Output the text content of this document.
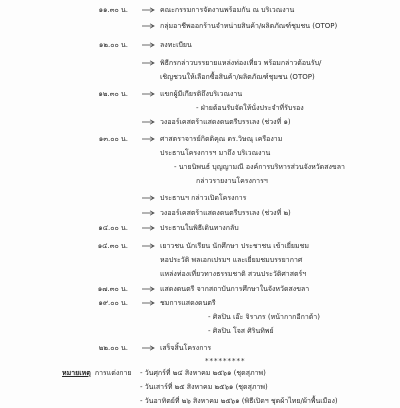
๑๑.๓๐ น.	คณะกรรมการจัดงานพร้อมกัน ณ บริเวณงาน
กลุ่มอาชีพออกร้านจำหน่ายสินค้า/ผลิตภัณฑ์ชุมชน (OTOP)
๑๒.๐๐ น.	ลงทะเบียน
พิธีกรกล่าวบรรยายแหล่งท่องเที่ยว พร้อมกล่าวต้อนรับ/
เชิญชวนให้เลือกซื้อสินค้า/ผลิตภัณฑ์ชุมชน (OTOP)
๑๒.๓๐ น.	แขกผู้มีเกียรติถึงบริเวณงาน
- ฝ่ายต้อนรับจัดให้นั่งประจำที่รับรอง
วงออร์เคสตร้าแสดงดนตรีบรรเลง (ช่วงที่ ๑)
๑๓.๐๐ น.	ศาสตราจารย์กิตติคุณ ดร.วิษณุ เครืองาม
ประธานโครงการฯ มาถึง บริเวณงาน
- นายนิพนธ์ บุญญามณี องค์การบริหารส่วนจังหวัดสงขลา
กล่าวรายงานโครงการฯ
ประธานฯ กล่าวเปิดโครงการ
วงออร์เคสตร้าแสดงดนตรีบรรเลง (ช่วงที่ ๒)
๑๔.๐๐ น.	ประธานในพิธีเดินทางกลับ
๑๔.๓๐ น.	เยาวชน นักเรียน นักศึกษา ประชาชน เข้าเยี่ยมชม
หอประวัติ พลเอกเปรมฯ และเยี่ยมชมบรรยากาศ
แหล่งท่องเที่ยวทางธรรมชาติ สวนประวัติศาสตร์ฯ
๑๗.๓๐ น.	แสดงดนตรี จากสถาบันการศึกษาในจังหวัดสงขลา
๑๙.๐๐ น.	ชมการแสดงดนตรี
- ศิลปิน เอ๊ะ จิราภร (หน้ากากอีกาต้า)
- ศิลปิน โจส ศิรินทิพย์
๒๒.๐๐ น.	เสร็จสิ้นโครงการ
*********
หมายเหตุ การแต่งกาย - วันศุกร์ที่ ๒๔ สิงหาคม ๒๕๖๑ (ชุดสุภาพ)
- วันเสาร์ที่ ๒๕ สิงหาคม ๒๕๖๑ (ชุดสุภาพ)
- วันอาทิตย์ที่ ๒๖ สิงหาคม ๒๕๖๑ (พิธีเปิดฯ ชุดผ้าไทย/ผ้าพื้นเมือง)
